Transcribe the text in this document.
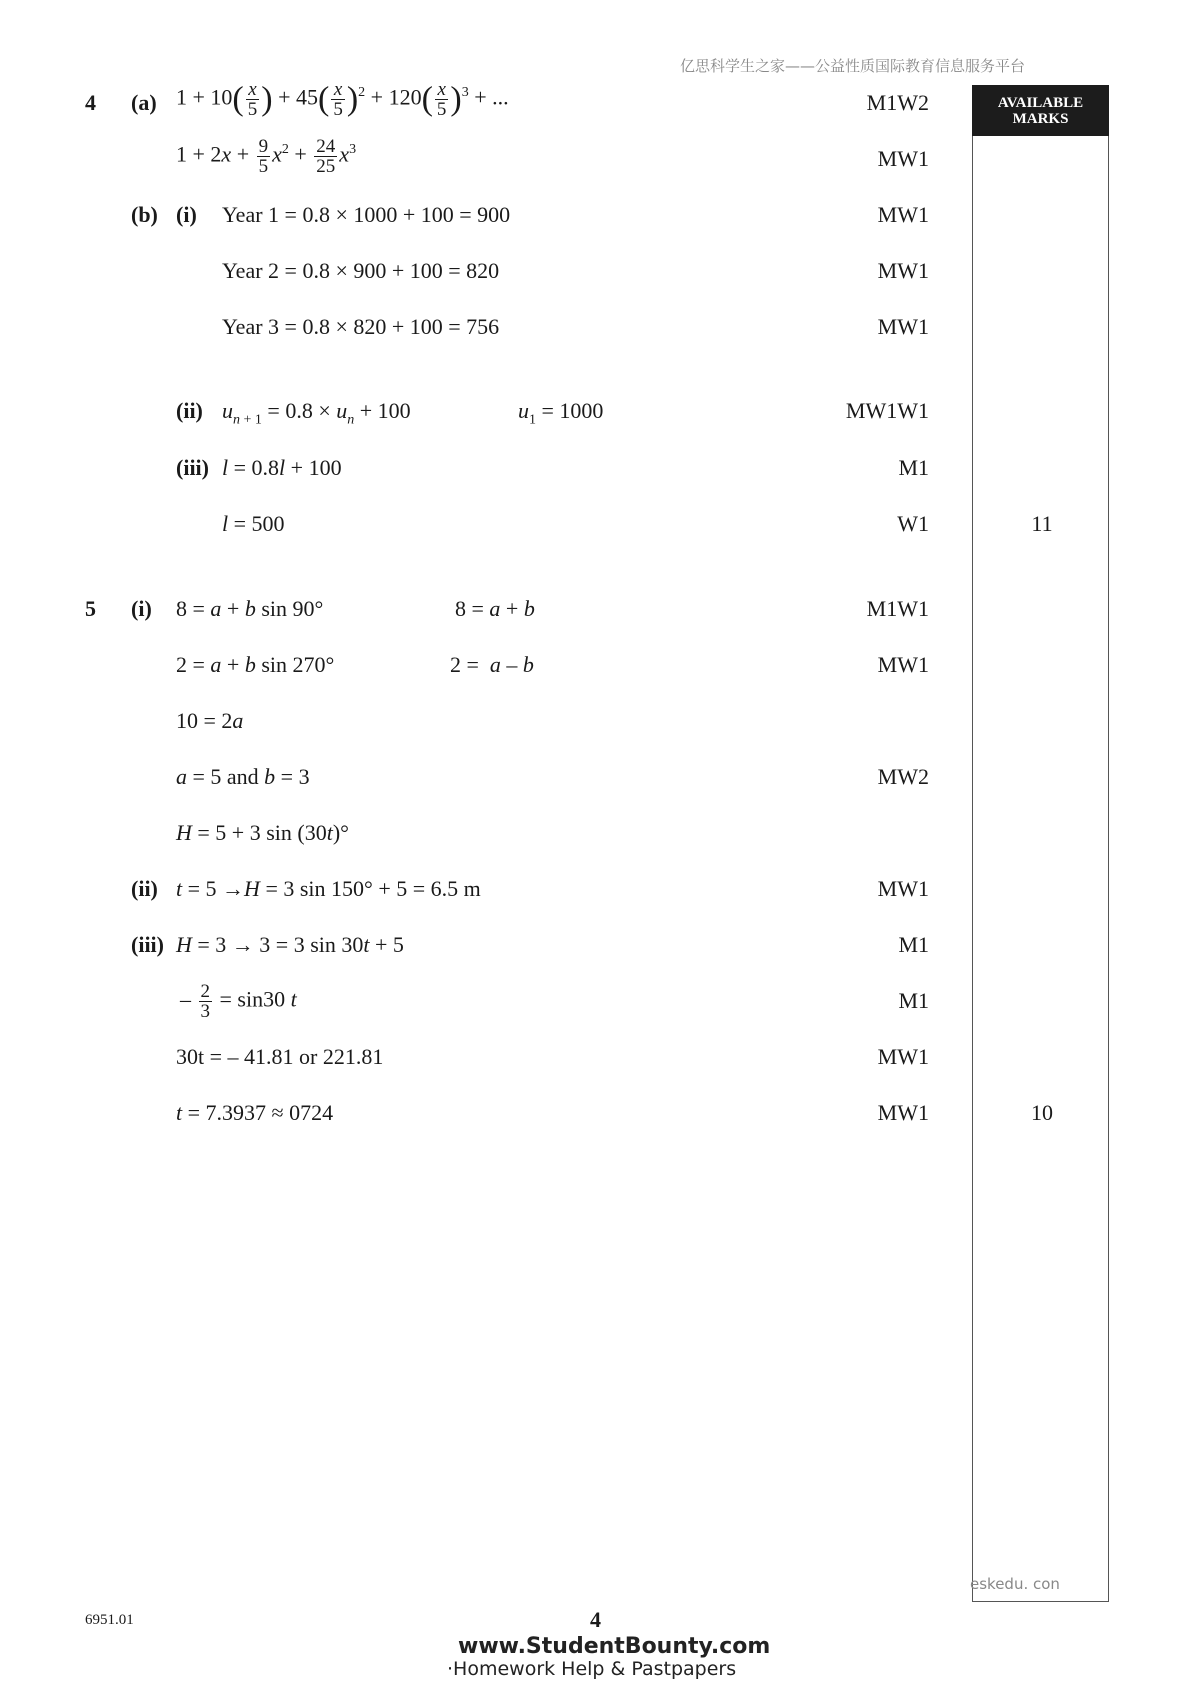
亿思科学生之家——公益性质国际教育信息服务平台
AVAILABLE
MARKS
4 (a) $1 + 10( \frac{x}{5}$ ) + $45( \frac{x}{5} )^2 + 120( \frac{x}{5} )^3$ + ...	M1W2
$1 + 2x + \frac{9}{5} x^2 + \frac{24}{25} x^3$	MW1
(b) (i) Year 1 = 0.8 × 1000 + 100 = 900	MW1
Year 2 = 0.8 × 900 + 100 = 820	MW1
Year 3 = 0.8 × 820 + 100 = 756	MW1
(ii) $u_{n + 1} = 0.8 \times u_n + 100$	$u_1 = 1000$	MW1W1
(iii) l = 0.8l + 100	M1
l = 500	W1	11
5 (i) 8 = a + b sin 90°	8 = a + b	M1W1
2 = a + b sin 270°	2 =  a – b	MW1
10 = 2a
a = 5 and b = 3	MW2
H = 5 + 3 sin (30t)°
(ii) t = 5 →H = 3 sin 150° + 5 = 6.5 m	MW1
(iii) H = 3 → 3 = 3 sin 30t + 5	M1
– $\frac{2}{3} = \sin 30$ t	M1
30t = – 41.81 or 221.81	MW1
t = 7.3937 ≈ 0724	MW1	10
eskedu. con
6951.01	4
www.StudentBounty.com
·Homework Help & Pastpapers
